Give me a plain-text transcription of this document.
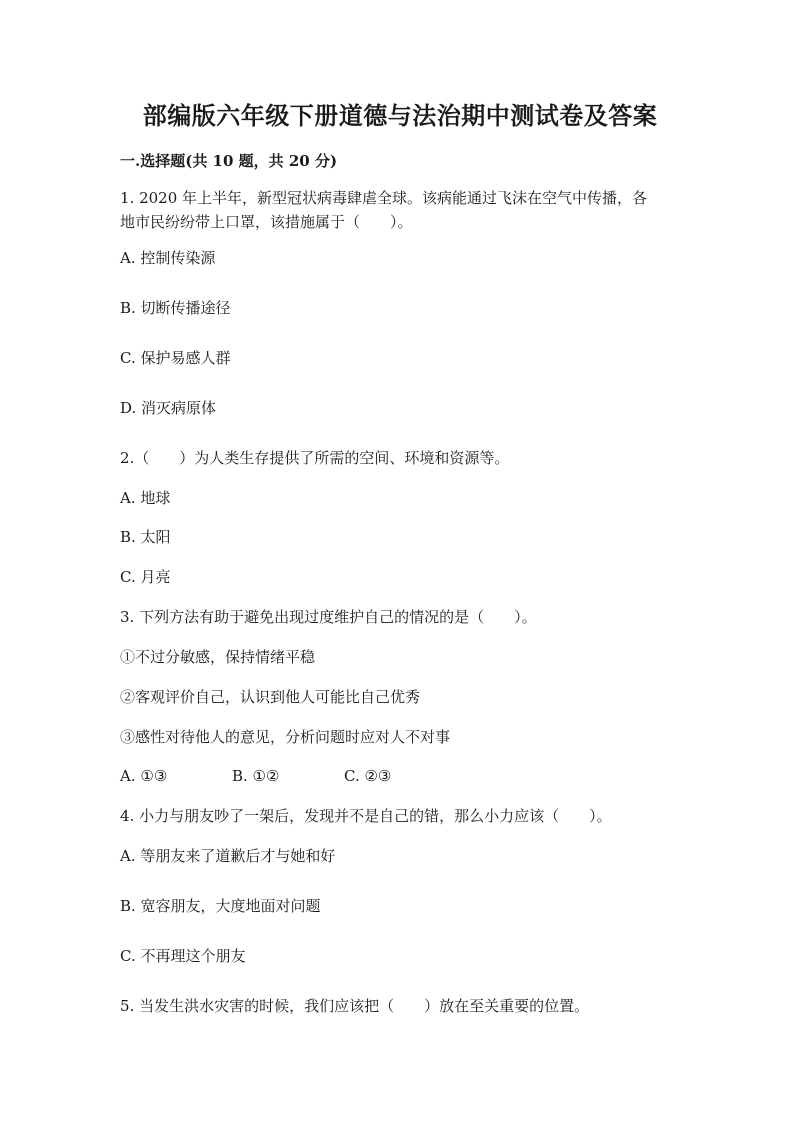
部编版六年级下册道德与法治期中测试卷及答案
一.选择题(共 10 题，共 20 分)
1. 2020 年上半年，新型冠状病毒肆虐全球。该病能通过飞沫在空气中传播，各
地市民纷纷带上口罩，该措施属于（　　）。
A. 控制传染源
B. 切断传播途径
C. 保护易感人群
D. 消灭病原体
2.（　　）为人类生存提供了所需的空间、环境和资源等。
A. 地球
B. 太阳
C. 月亮
3. 下列方法有助于避免出现过度维护自己的情况的是（　　）。
①不过分敏感，保持情绪平稳
②客观评价自己，认识到他人可能比自己优秀
③感性对待他人的意见，分析问题时应对人不对事
A. ①③	B. ①②	C. ②③
4. 小力与朋友吵了一架后，发现并不是自己的错，那么小力应该（　　）。
A. 等朋友来了道歉后才与她和好
B. 宽容朋友，大度地面对问题
C. 不再理这个朋友
5. 当发生洪水灾害的时候，我们应该把（　　）放在至关重要的位置。
